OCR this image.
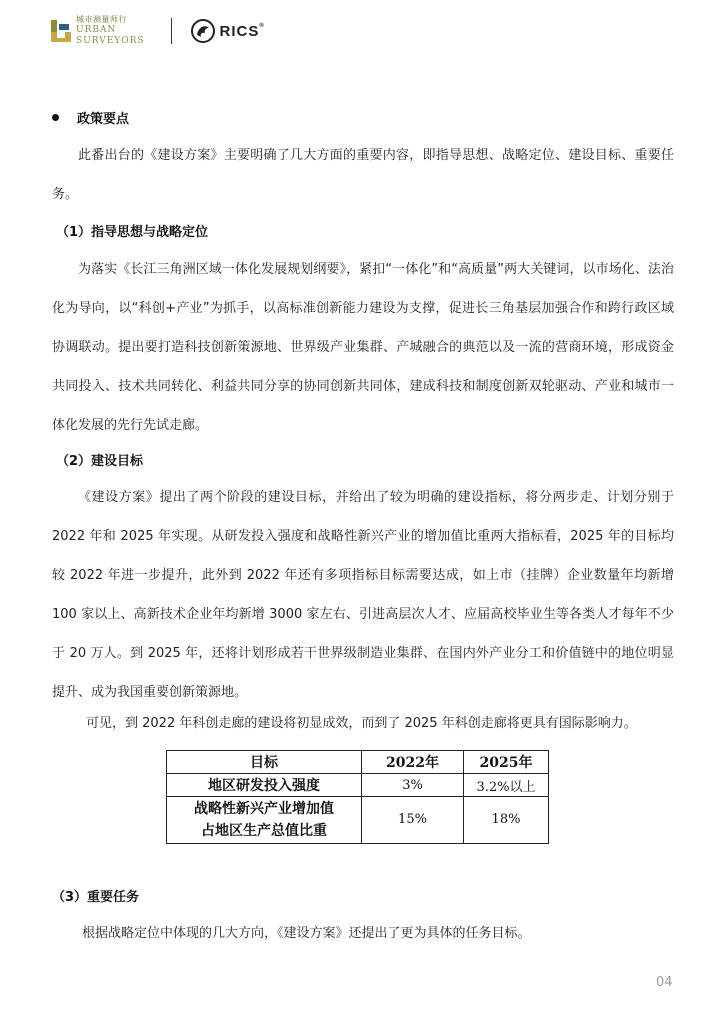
城市测量师行
URBAN
SURVEYORS
RICS®
政策要点

此番出台的《建设方案》主要明确了几大方面的重要内容，即指导思想、战略定位、建设目标、重要任务。

（1）指导思想与战略定位

为落实《长江三角洲区域一体化发展规划纲要》，紧扣“一体化”和“高质量”两大关键词，以市场化、法治化为导向，以“科创+产业”为抓手，以高标准创新能力建设为支撑，促进长三角基层加强合作和跨行政区域协调联动。提出要打造科技创新策源地、世界级产业集群、产城融合的典范以及一流的营商环境，形成资金共同投入、技术共同转化、利益共同分享的协同创新共同体，建成科技和制度创新双轮驱动、产业和城市一体化发展的先行先试走廊。

（2）建设目标

《建设方案》提出了两个阶段的建设目标，并给出了较为明确的建设指标，将分两步走、计划分别于 2022 年和 2025 年实现。从研发投入强度和战略性新兴产业的增加值比重两大指标看，2025 年的目标均较 2022 年进一步提升，此外到 2022 年还有多项指标目标需要达成，如上市（挂牌）企业数量年均新增 100 家以上、高新技术企业年均新增 3000 家左右、引进高层次人才、应届高校毕业生等各类人才每年不少于 20 万人。到 2025 年，还将计划形成若干世界级制造业集群、在国内外产业分工和价值链中的地位明显提升、成为我国重要创新策源地。

可见，到 2022 年科创走廊的建设将初显成效，而到了 2025 年科创走廊将更具有国际影响力。

目标	2022年	2025年
地区研发投入强度	3%	3.2%以上

战略性新兴产业增加值
占地区生产总值比重	15%	18%

（3）重要任务

根据战略定位中体现的几大方向，《建设方案》还提出了更为具体的任务目标。

04
